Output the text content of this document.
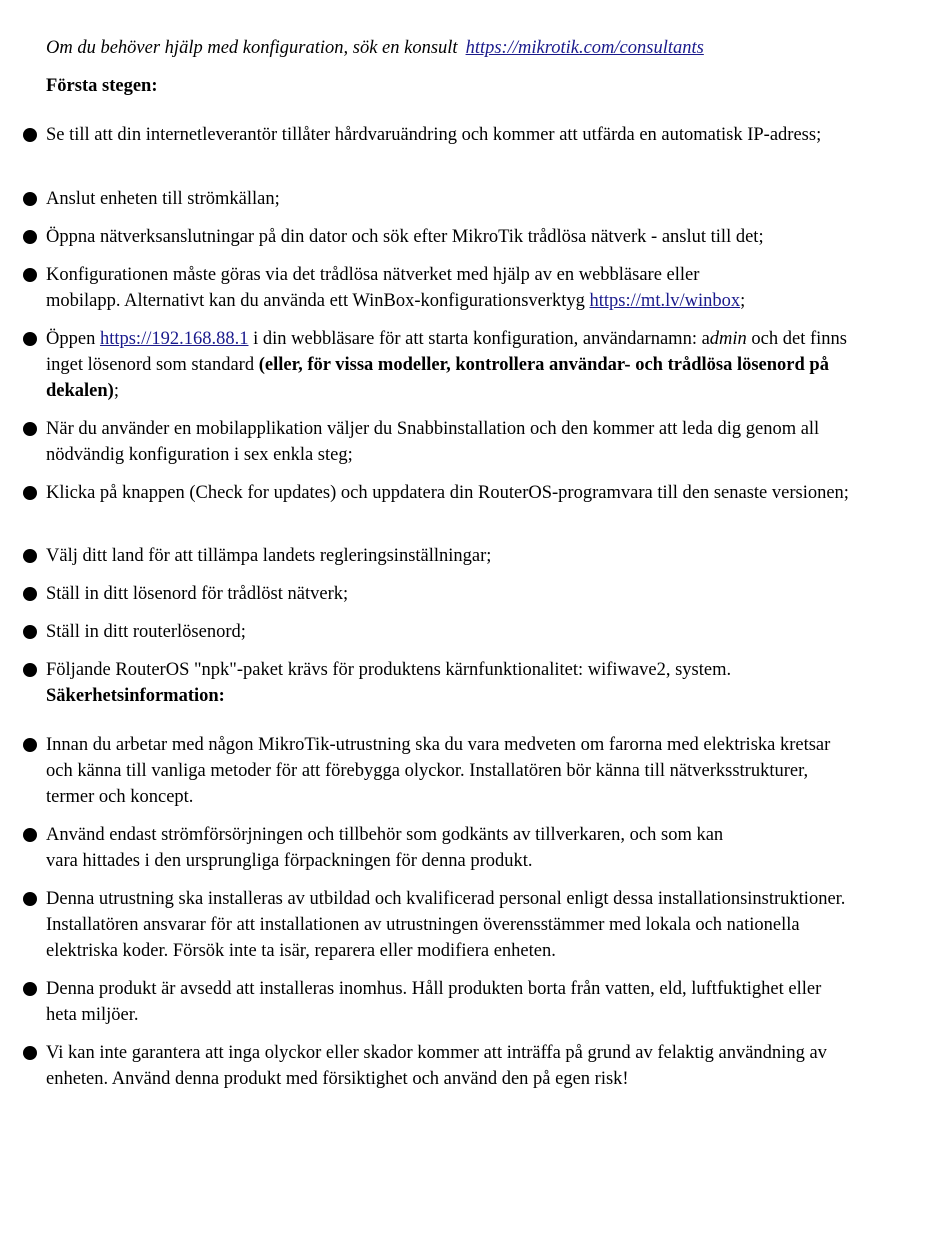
Om du behöver hjälp med konfiguration, sök en konsult https://mikrotik.com/consultants
Första stegen:
Se till att din internetleverantör tillåter hårdvaruändring och kommer att utfärda en automatisk IP-adress;
Anslut enheten till strömkällan;
Öppna nätverksanslutningar på din dator och sök efter MikroTik trådlösa nätverk - anslut till det;
Konfigurationen måste göras via det trådlösa nätverket med hjälp av en webbläsare eller
mobilapp. Alternativt kan du använda ett WinBox-konfigurationsverktyg https://mt.lv/winbox;
Öppen https://192.168.88.1 i din webbläsare för att starta konfiguration, användarnamn: admin och det finns inget lösenord som standard (eller, för vissa modeller, kontrollera användar- och trådlösa lösenord på dekalen);
När du använder en mobilapplikation väljer du Snabbinstallation och den kommer att leda dig genom all nödvändig konfiguration i sex enkla steg;
Klicka på knappen (Check for updates) och uppdatera din RouterOS-programvara till den senaste versionen;
Välj ditt land för att tillämpa landets regleringsinställningar;
Ställ in ditt lösenord för trådlöst nätverk;
Ställ in ditt routerlösenord;
Följande RouterOS "npk"-paket krävs för produktens kärnfunktionalitet: wifiwave2, system.
Säkerhetsinformation:
Innan du arbetar med någon MikroTik-utrustning ska du vara medveten om farorna med elektriska kretsar och känna till vanliga metoder för att förebygga olyckor. Installatören bör känna till nätverksstrukturer, termer och koncept.
Använd endast strömförsörjningen och tillbehör som godkänts av tillverkaren, och som kan
vara hittades i den ursprungliga förpackningen för denna produkt.
Denna utrustning ska installeras av utbildad och kvalificerad personal enligt dessa installationsinstruktioner. Installatören ansvarar för att installationen av utrustningen överensstämmer med lokala och nationella elektriska koder. Försök inte ta isär, reparera eller modifiera enheten.
Denna produkt är avsedd att installeras inomhus. Håll produkten borta från vatten, eld, luftfuktighet eller heta miljöer.
Vi kan inte garantera att inga olyckor eller skador kommer att inträffa på grund av felaktig användning av enheten. Använd denna produkt med försiktighet och använd den på egen risk!
